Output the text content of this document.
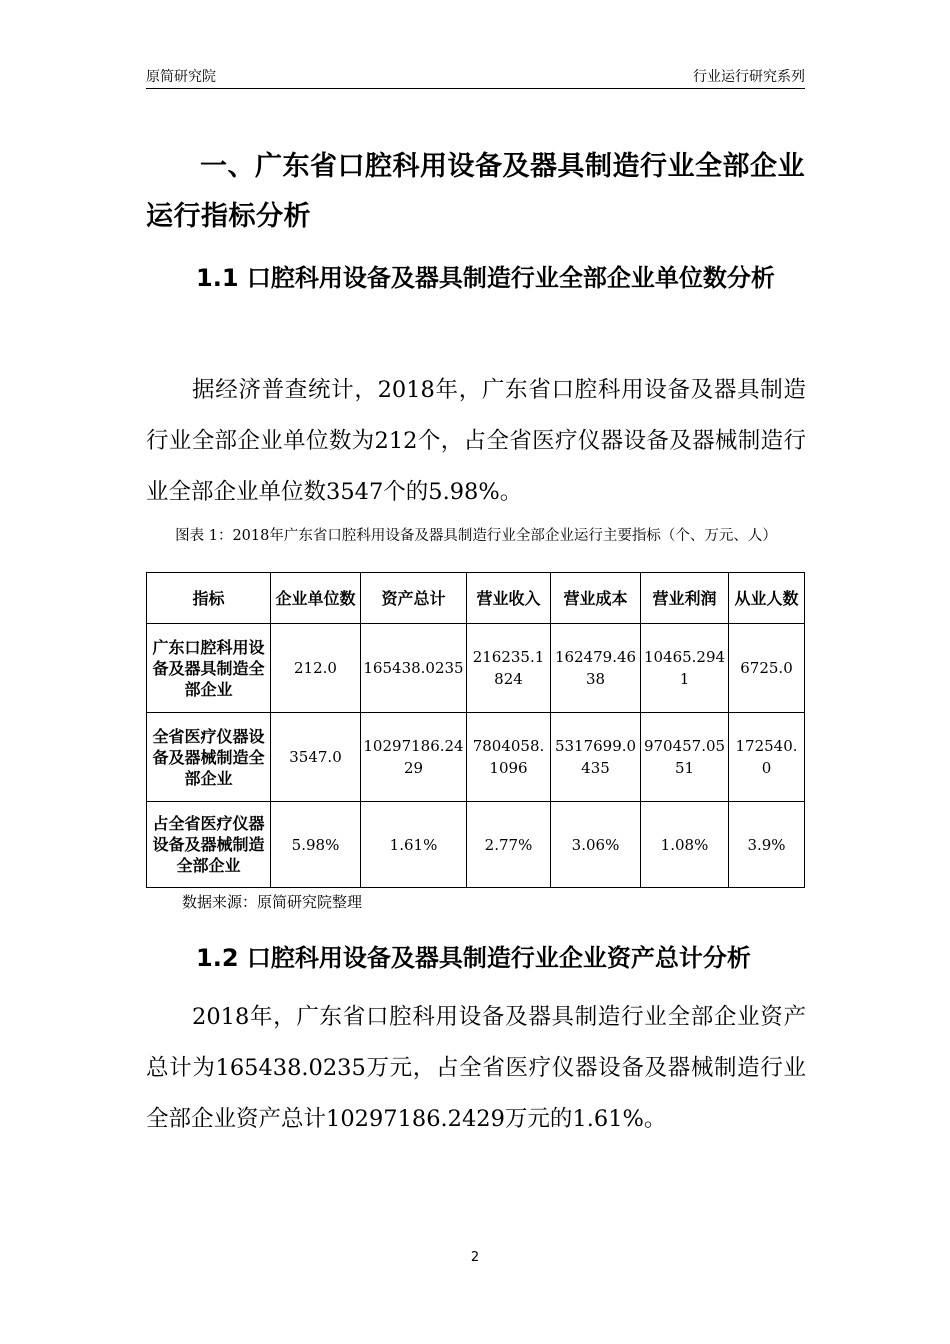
原简研究院	行业运行研究系列
一、广东省口腔科用设备及器具制造行业全部企业运行指标分析
1.1 口腔科用设备及器具制造行业全部企业单位数分析
据经济普查统计，2018年，广东省口腔科用设备及器具制造行业全部企业单位数为212个，占全省医疗仪器设备及器械制造行业全部企业单位数3547个的5.98%。
图表 1：2018年广东省口腔科用设备及器具制造行业全部企业运行主要指标（个、万元、人）
指标	企业单位数	资产总计	营业收入	营业成本	营业利润	从业人数
广东口腔科用设备及器具制造全部企业	212.0	165438.0235	216235.1824	162479.4638	10465.2941	6725.0
全省医疗仪器设备及器械制造全部企业	3547.0	10297186.2429	7804058.1096	5317699.0435	970457.0551	172540.0
占全省医疗仪器设备及器械制造全部企业	5.98%	1.61%	2.77%	3.06%	1.08%	3.9%
数据来源：原简研究院整理
1.2 口腔科用设备及器具制造行业企业资产总计分析
2018年，广东省口腔科用设备及器具制造行业全部企业资产总计为165438.0235万元，占全省医疗仪器设备及器械制造行业全部企业资产总计10297186.2429万元的1.61%。
2
